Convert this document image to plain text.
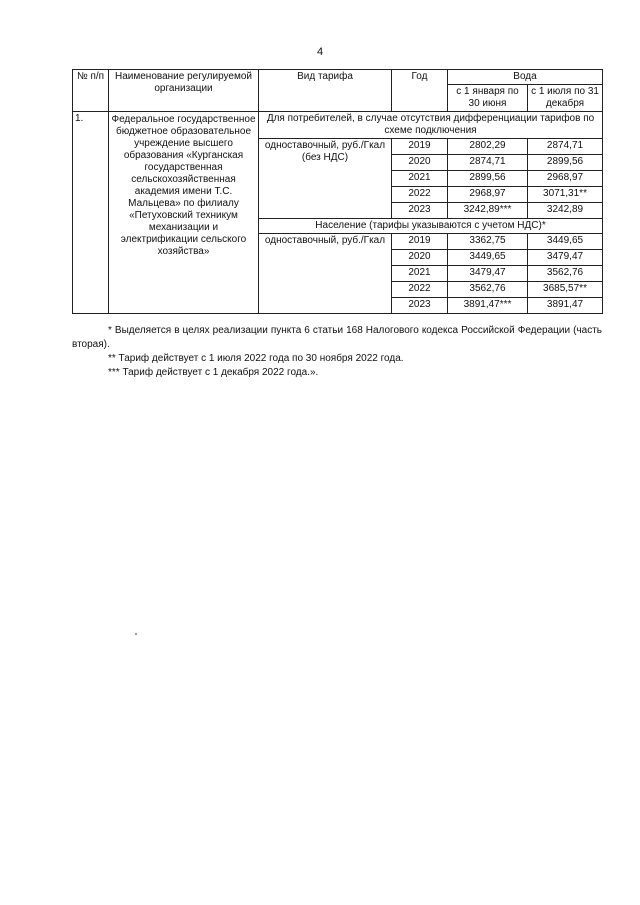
4
№ п/п	Наименование регулируемой организации	Вид тарифа	Год	Вода	
				с 1 января по 30 июня	с 1 июля по 31 декабря
1.	Федеральное государственное бюджетное образовательное учреждение высшего образования «Курганская государственная сельскохозяйственная академия имени Т.С. Мальцева» по филиалу «Петуховский техникум механизации и электрификации сельского хозяйства»	Для потребителей, в случае отсутствия дифференциации тарифов по схеме подключения			
		одноставочный, руб./Гкал (без НДС)	2019	2802,29	2874,71
			2020	2874,71	2899,56
			2021	2899,56	2968,97
			2022	2968,97	3071,31**
			2023	3242,89***	3242,89
		Население (тарифы указываются с учетом НДС)*			
		одноставочный, руб./Гкал	2019	3362,75	3449,65
			2020	3449,65	3479,47
			2021	3479,47	3562,76
			2022	3562,76	3685,57**
			2023	3891,47***	3891,47

* Выделяется в целях реализации пункта 6 статьи 168 Налогового кодекса Российской Федерации (часть вторая).

** Тариф действует с 1 июля 2022 года по 30 ноября 2022 года.

*** Тариф действует с 1 декабря 2022 года.».
